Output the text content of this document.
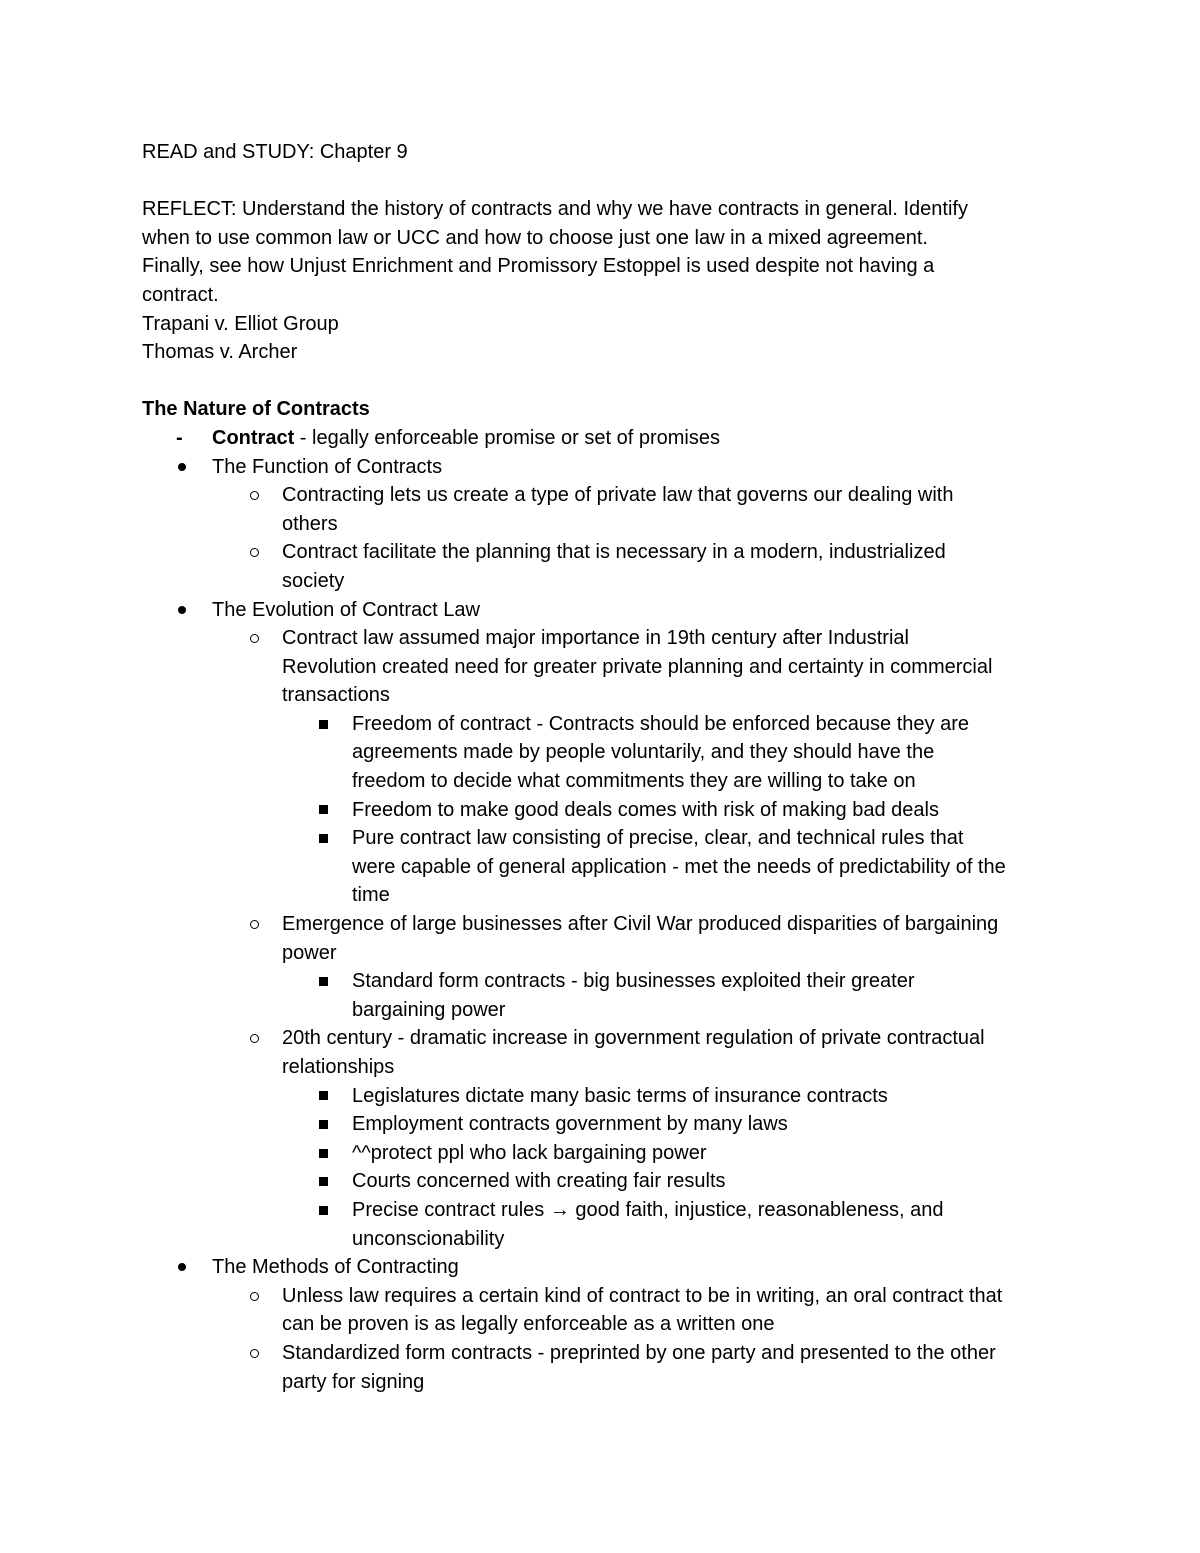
READ and STUDY: Chapter 9
REFLECT: Understand the history of contracts and why we have contracts in general. Identify
when to use common law or UCC and how to choose just one law in a mixed agreement.
Finally, see how Unjust Enrichment and Promissory Estoppel is used despite not having a
contract.
Trapani v. Elliot Group
Thomas v. Archer
The Nature of Contracts
-	Contract - legally enforceable promise or set of promises
The Function of Contracts
Contracting lets us create a type of private law that governs our dealing with
others
Contract facilitate the planning that is necessary in a modern, industrialized
society
The Evolution of Contract Law
Contract law assumed major importance in 19th century after Industrial
Revolution created need for greater private planning and certainty in commercial
transactions
Freedom of contract - Contracts should be enforced because they are
agreements made by people voluntarily, and they should have the
freedom to decide what commitments they are willing to take on
Freedom to make good deals comes with risk of making bad deals
Pure contract law consisting of precise, clear, and technical rules that
were capable of general application - met the needs of predictability of the
time
Emergence of large businesses after Civil War produced disparities of bargaining
power
Standard form contracts - big businesses exploited their greater
bargaining power
20th century - dramatic increase in government regulation of private contractual
relationships
Legislatures dictate many basic terms of insurance contracts
Employment contracts government by many laws
^^protect ppl who lack bargaining power
Courts concerned with creating fair results
Precise contract rules → good faith, injustice, reasonableness, and
unconscionability
The Methods of Contracting
Unless law requires a certain kind of contract to be in writing, an oral contract that
can be proven is as legally enforceable as a written one
Standardized form contracts - preprinted by one party and presented to the other
party for signing
